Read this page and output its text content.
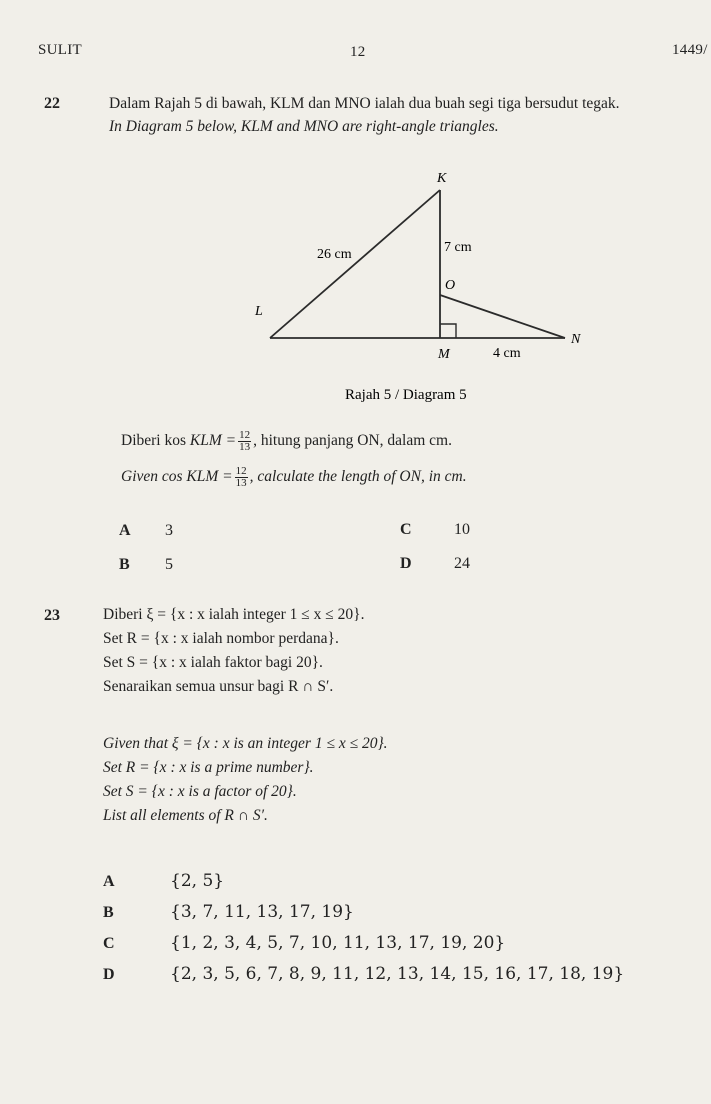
SULIT	12	1449/
22	Dalam Rajah 5 di bawah, KLM dan MNO ialah dua buah segi tiga bersudut tegak.
In Diagram 5 below, KLM and MNO are right-angle triangles.
K
L
M
N
O
26 cm	7 cm
4 cm
Rajah 5 / Diagram 5
Diberi kos KLM = $\frac{12}{13}$ , hitung panjang ON, dalam cm.
Given cos KLM = $\frac{12}{13}$ , calculate the length of ON, in cm.
A 3
B 5
C	10
D	24
23	Diberi ξ = {x : x ialah integer 1 ≤ x ≤ 20}.
Set R = {x : x ialah nombor perdana}.
Set S = {x : x ialah faktor bagi 20}.
Senaraikan semua unsur bagi R ∩ S′.
Given that ξ = {x : x is an integer 1 ≤ x ≤ 20}.
Set R = {x : x is a prime number}.
Set S = {x : x is a factor of 20}.
List all elements of R ∩ S′.
A	{2, 5}
B	{3, 7, 11, 13, 17, 19}
C	{1, 2, 3, 4, 5, 7, 10, 11, 13, 17, 19, 20}
D	{2, 3, 5, 6, 7, 8, 9, 11, 12, 13, 14, 15, 16, 17, 18, 19}
